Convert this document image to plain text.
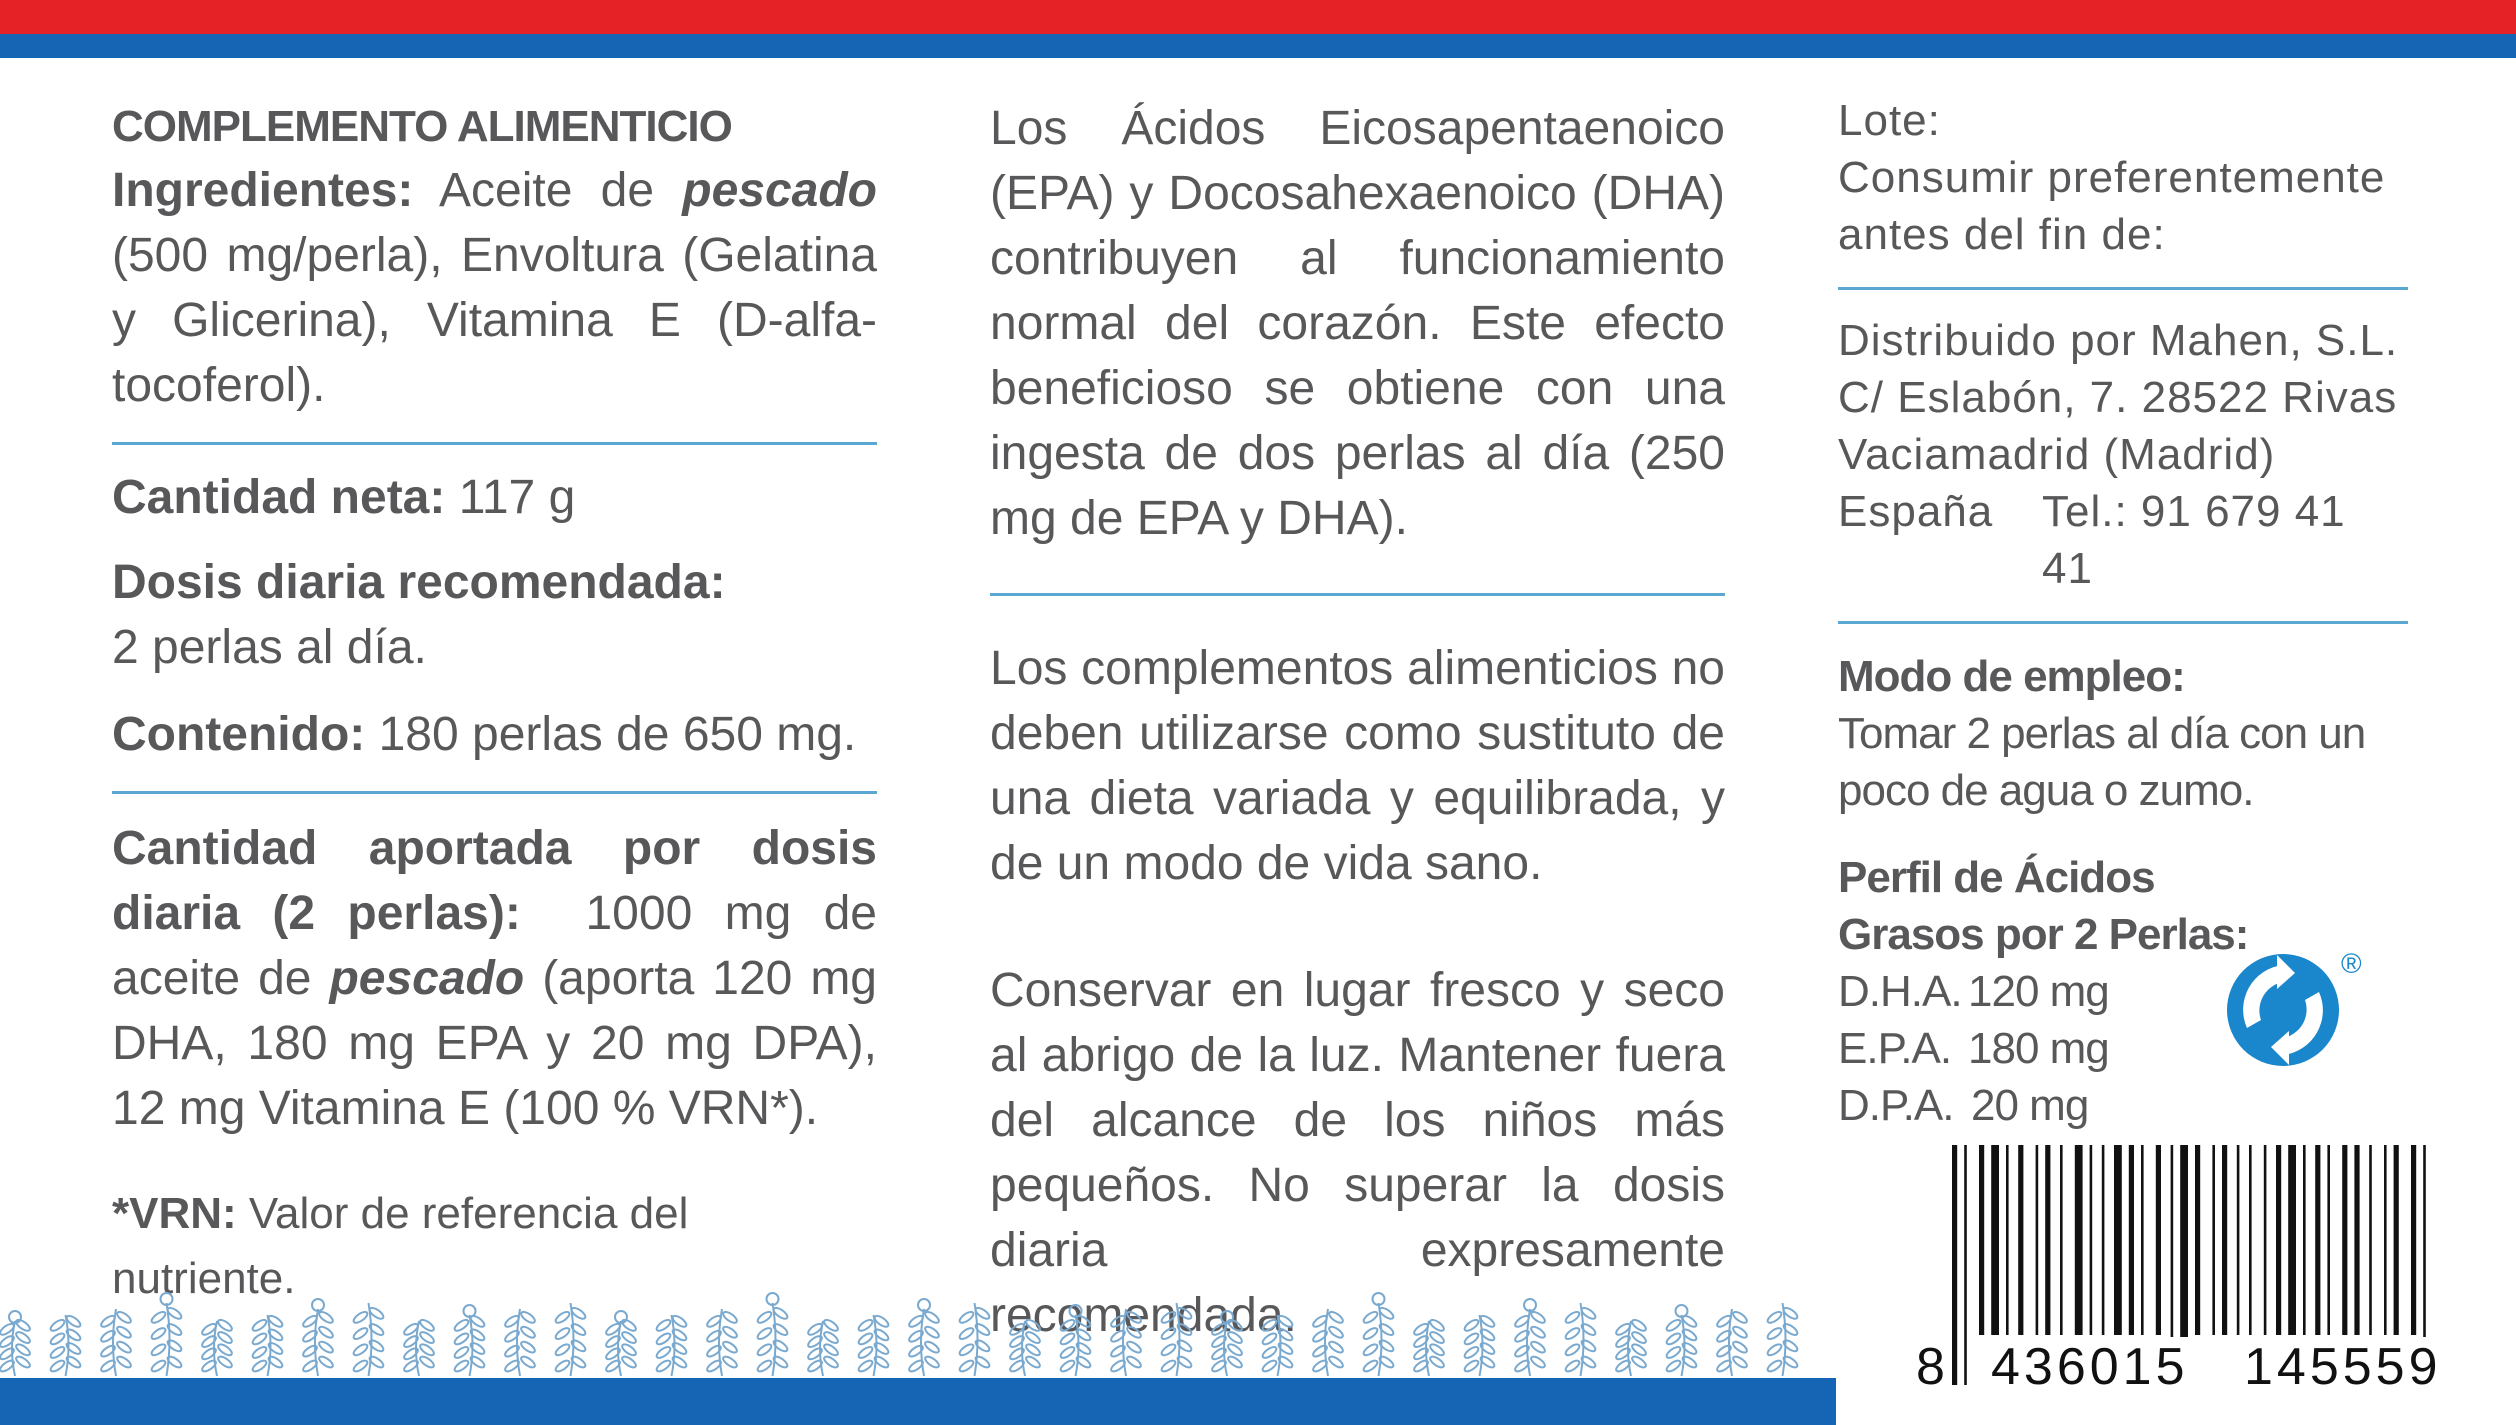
COMPLEMENTO ALIMENTICIO

Ingredientes: Aceite de pescado (500 mg/perla), Envoltura (Gelatina y Glicerina), Vitamina E (D-alfa-tocoferol).

Cantidad neta: 117 g

Dosis diaria recomendada:
2 perlas al día.

Contenido: 180 perlas de 650 mg.

Cantidad aportada por dosis diaria (2 perlas): 1000 mg de aceite de pescado (aporta 120 mg DHA, 180 mg EPA y 20 mg DPA), 12 mg Vitamina E (100 % VRN*).

*VRN: Valor de referencia del nutriente.

Los Ácidos Eicosapentaenoico (EPA) y Docosahexaenoico (DHA) contribuyen al funcionamiento normal del corazón. Este efecto beneficioso se obtiene con una ingesta de dos perlas al día (250 mg de EPA y DHA).

Los complementos alimenticios no deben utilizarse como sustituto de una dieta variada y equilibrada, y de un modo de vida sano.

Conservar en lugar fresco y seco al abrigo de la luz. Mantener fuera del alcance de los niños más pequeños. No superar la dosis diaria expresamente recomendada.

Lote:

Consumir preferentemente antes del fin de:

Distribuido por Mahen, S.L.

C/ Eslabón, 7. 28522 Rivas

Vaciamadrid (Madrid)

España	Tel.: 91 679 41 41

Modo de empleo:
Tomar 2 perlas al día con un poco de agua o zumo.

Perfil de Ácidos Grasos por 2 Perlas:

D.H.A. 120 mg
E.P.A. 180 mg
D.P.A. 20 mg
®
8 436015 145559
